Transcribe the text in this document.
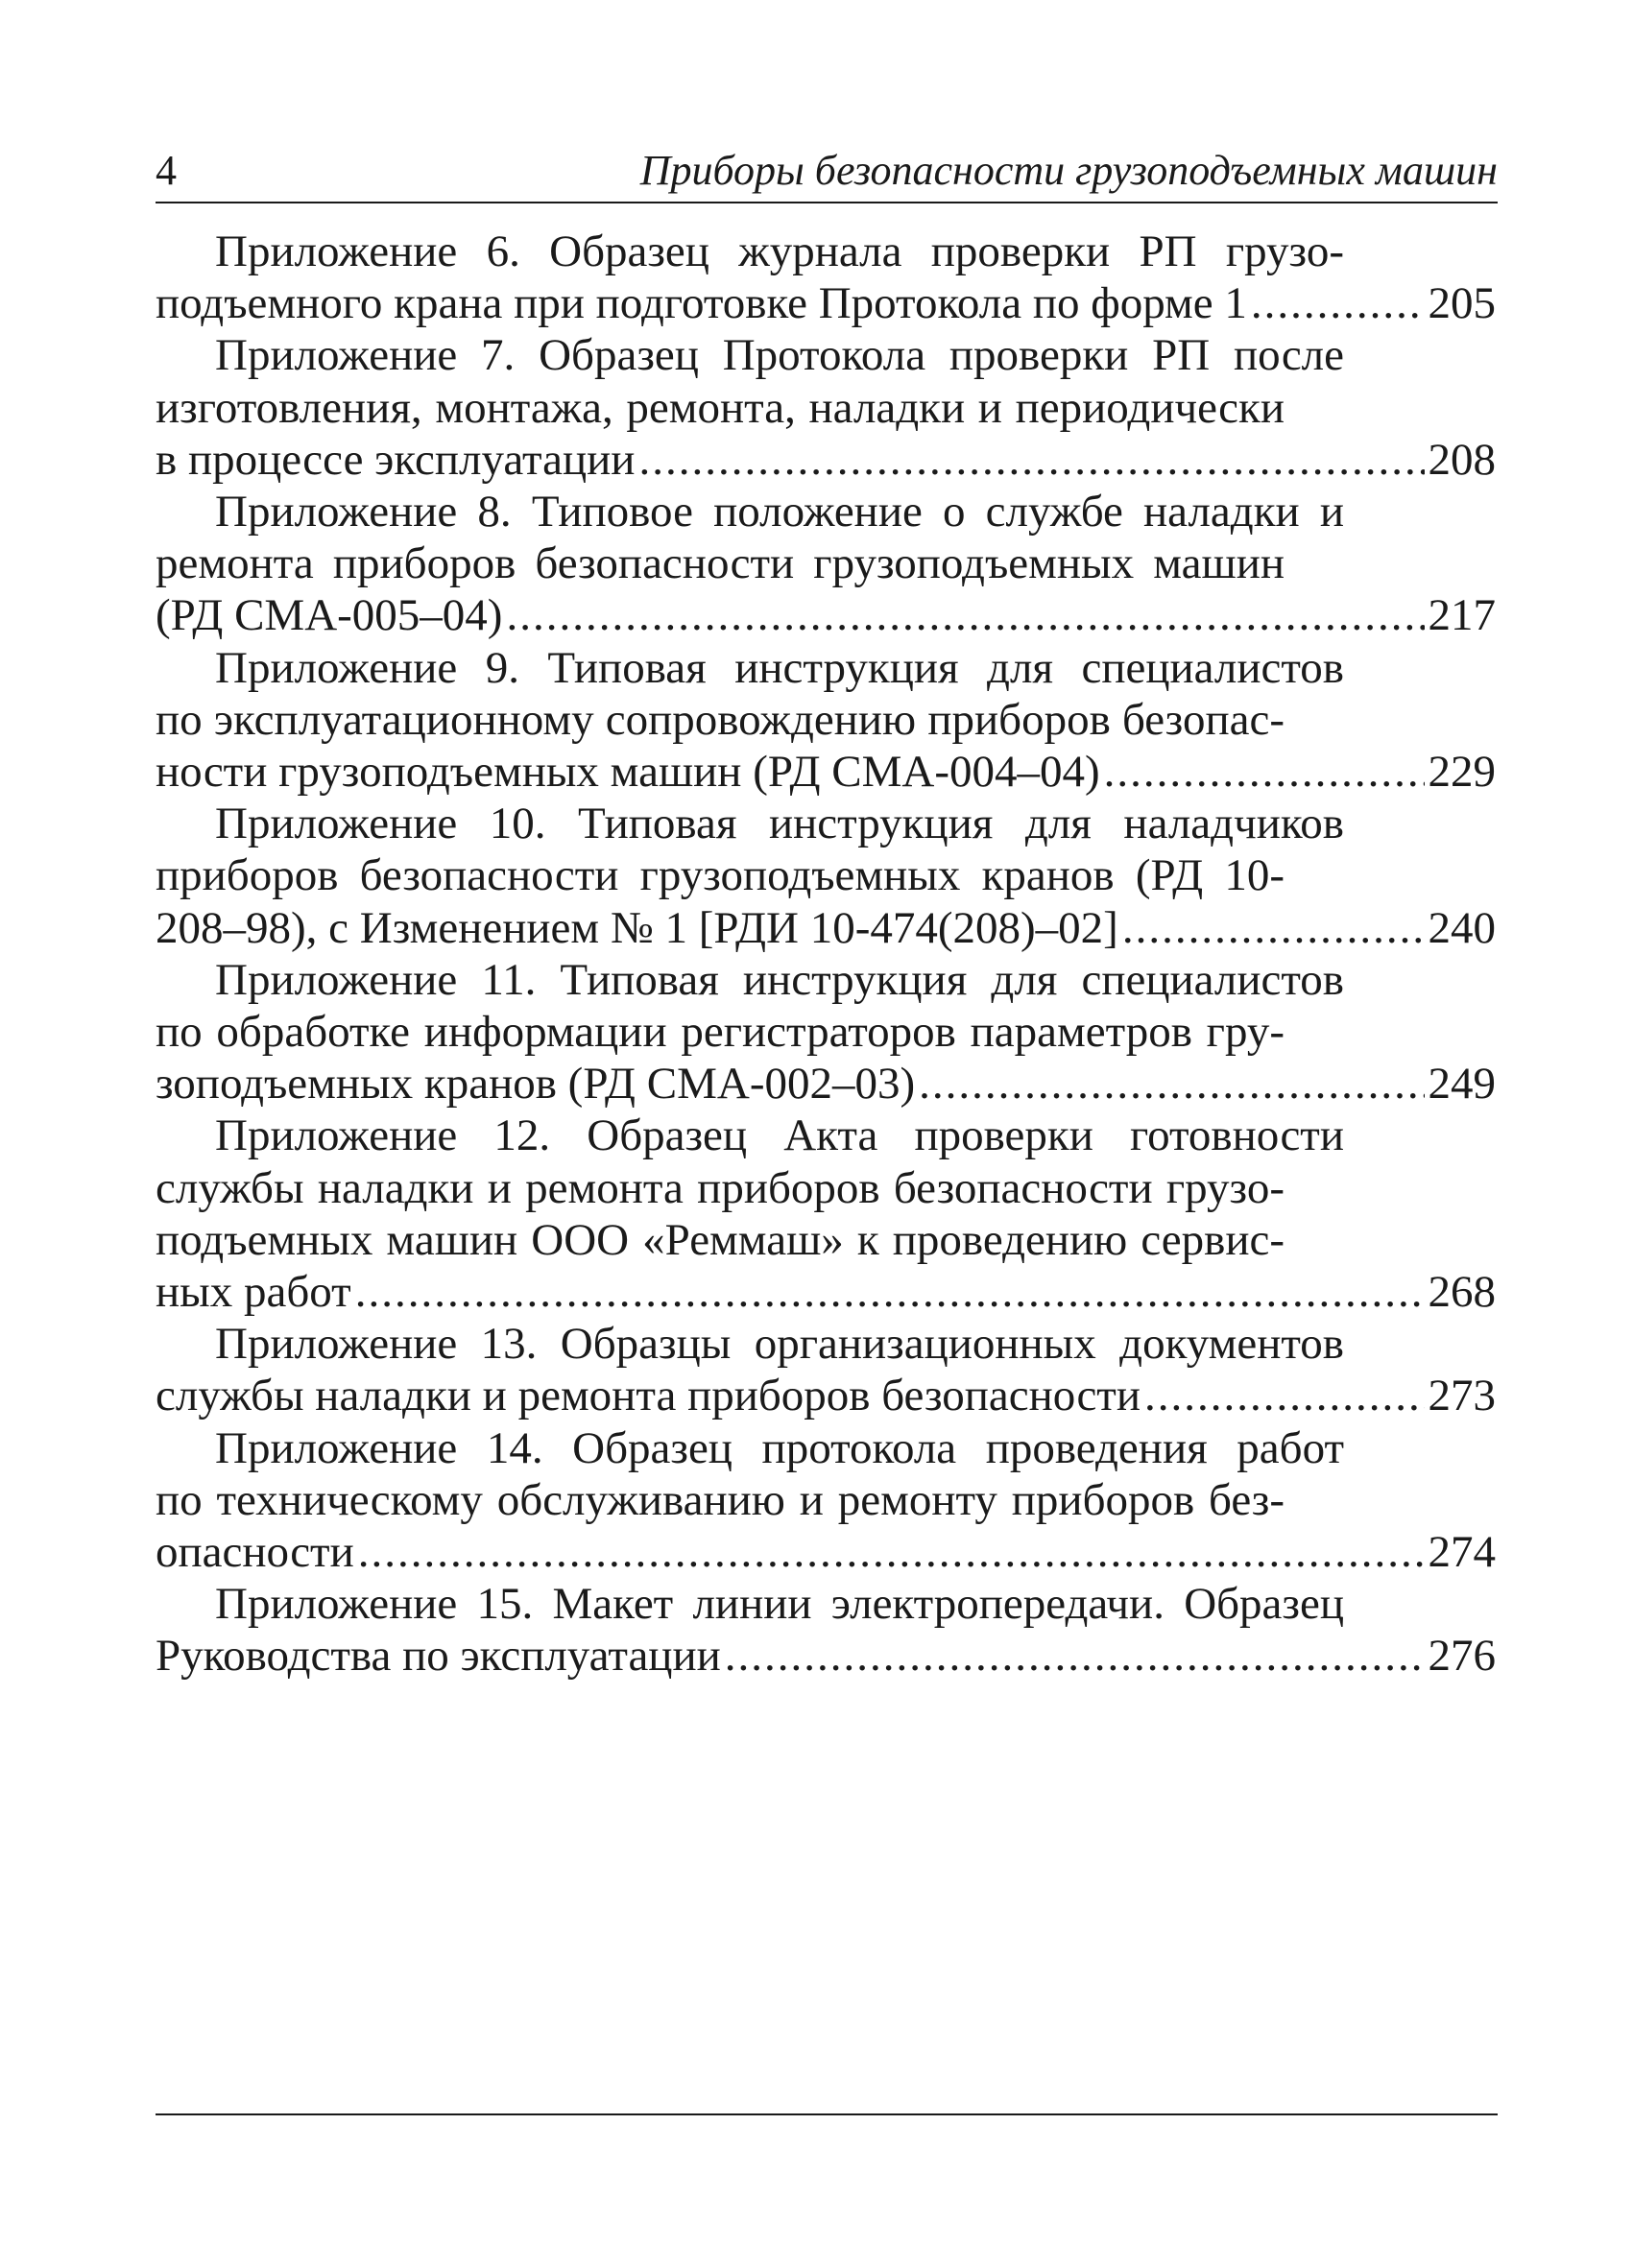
4	Приборы безопасности грузоподъемных машин
Приложение 6. Образец журнала проверки РП грузо-
подъемного крана при подготовке Протокола по форме 1 .....	205
Приложение 7. Образец Протокола проверки РП после
изготовления, монтажа, ремонта, наладки и периодически
в процессе эксплуатации .....	208
Приложение 8. Типовое положение о службе наладки и
ремонта приборов безопасности грузоподъемных машин
(РД СМА-005–04) .....	217
Приложение 9. Типовая инструкция для специалистов
по эксплуатационному сопровождению приборов безопас-
ности грузоподъемных машин (РД СМА-004–04) .....	229
Приложение 10. Типовая инструкция для наладчиков
приборов безопасности грузоподъемных кранов (РД 10-
208–98), с Изменением № 1 [РДИ 10-474(208)–02] .....	240
Приложение 11. Типовая инструкция для специалистов
по обработке информации регистраторов параметров гру-
зоподъемных кранов (РД СМА-002–03) .....	249
Приложение 12. Образец Акта проверки готовности
службы наладки и ремонта приборов безопасности грузо-
подъемных машин ООО «Реммаш» к проведению сервис-
ных работ .....	268
Приложение 13. Образцы организационных документов
службы наладки и ремонта приборов безопасности .....	273
Приложение 14. Образец протокола проведения работ
по техническому обслуживанию и ремонту приборов без-
опасности .....	274
Приложение 15. Макет линии электропередачи. Образец
Руководства по эксплуатации .....	276
